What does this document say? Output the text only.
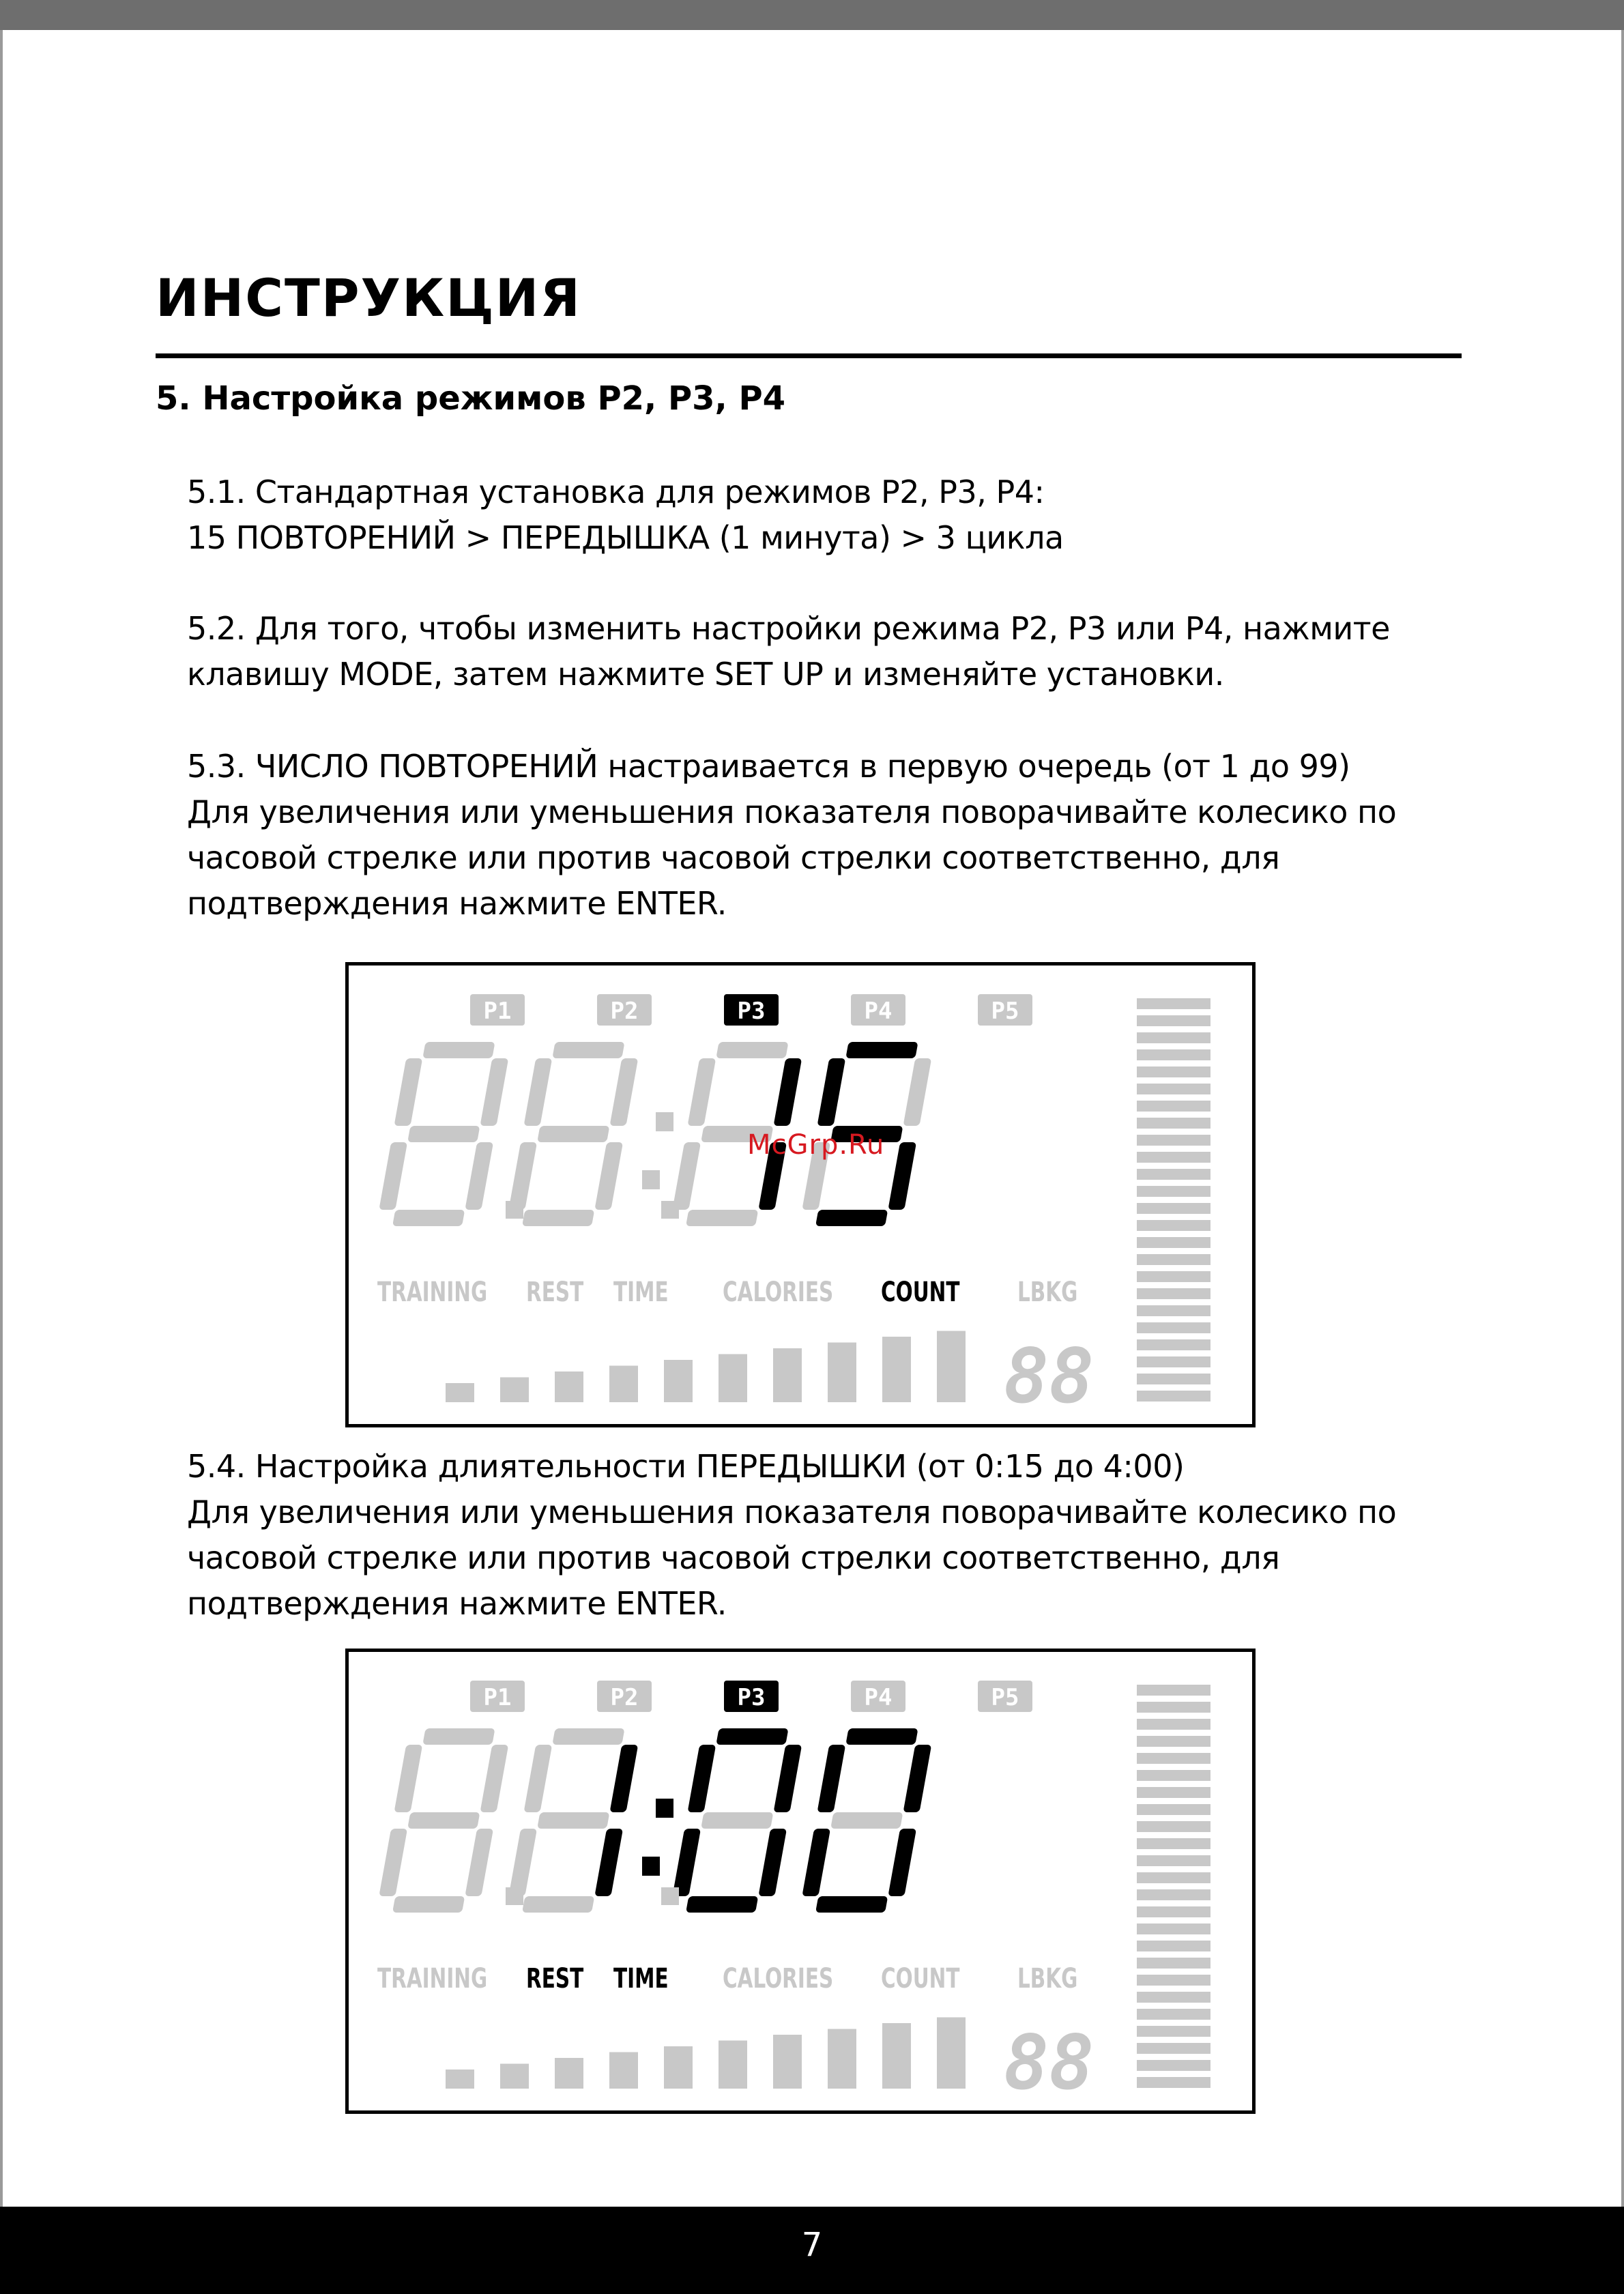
ИНСТРУКЦИЯ
5. Настройка режимов P2, P3, P4
5.1. Стандартная установка для режимов P2, P3, P4:
15 ПОВТОРЕНИЙ > ПЕРЕДЫШКА (1 минута) > 3 цикла
5.2. Для того, чтобы изменить настройки режима P2, P3 или P4, нажмите
клавишу MODE, затем нажмите SET UP и изменяйте установки.
5.3. ЧИСЛО ПОВТОРЕНИЙ настраивается в первую очередь (от 1 до 99)
Для увеличения или уменьшения показателя поворачивайте колесико по
часовой стрелке или против часовой стрелки соответственно, для
подтверждения нажмите ENTER.
P1	P2	P3	P4	P5
TRAINING REST TIME CALORIES COUNT LBKG
88
5.4. Настройка длиятельности ПЕРЕДЫШКИ (от 0:15 до 4:00)
Для увеличения или уменьшения показателя поворачивайте колесико по
часовой стрелке или против часовой стрелки соответственно, для
подтверждения нажмите ENTER.
P1	P2	P3	P4	P5
TRAINING REST TIME CALORIES COUNT LBKG
88
McGrp.Ru
7
